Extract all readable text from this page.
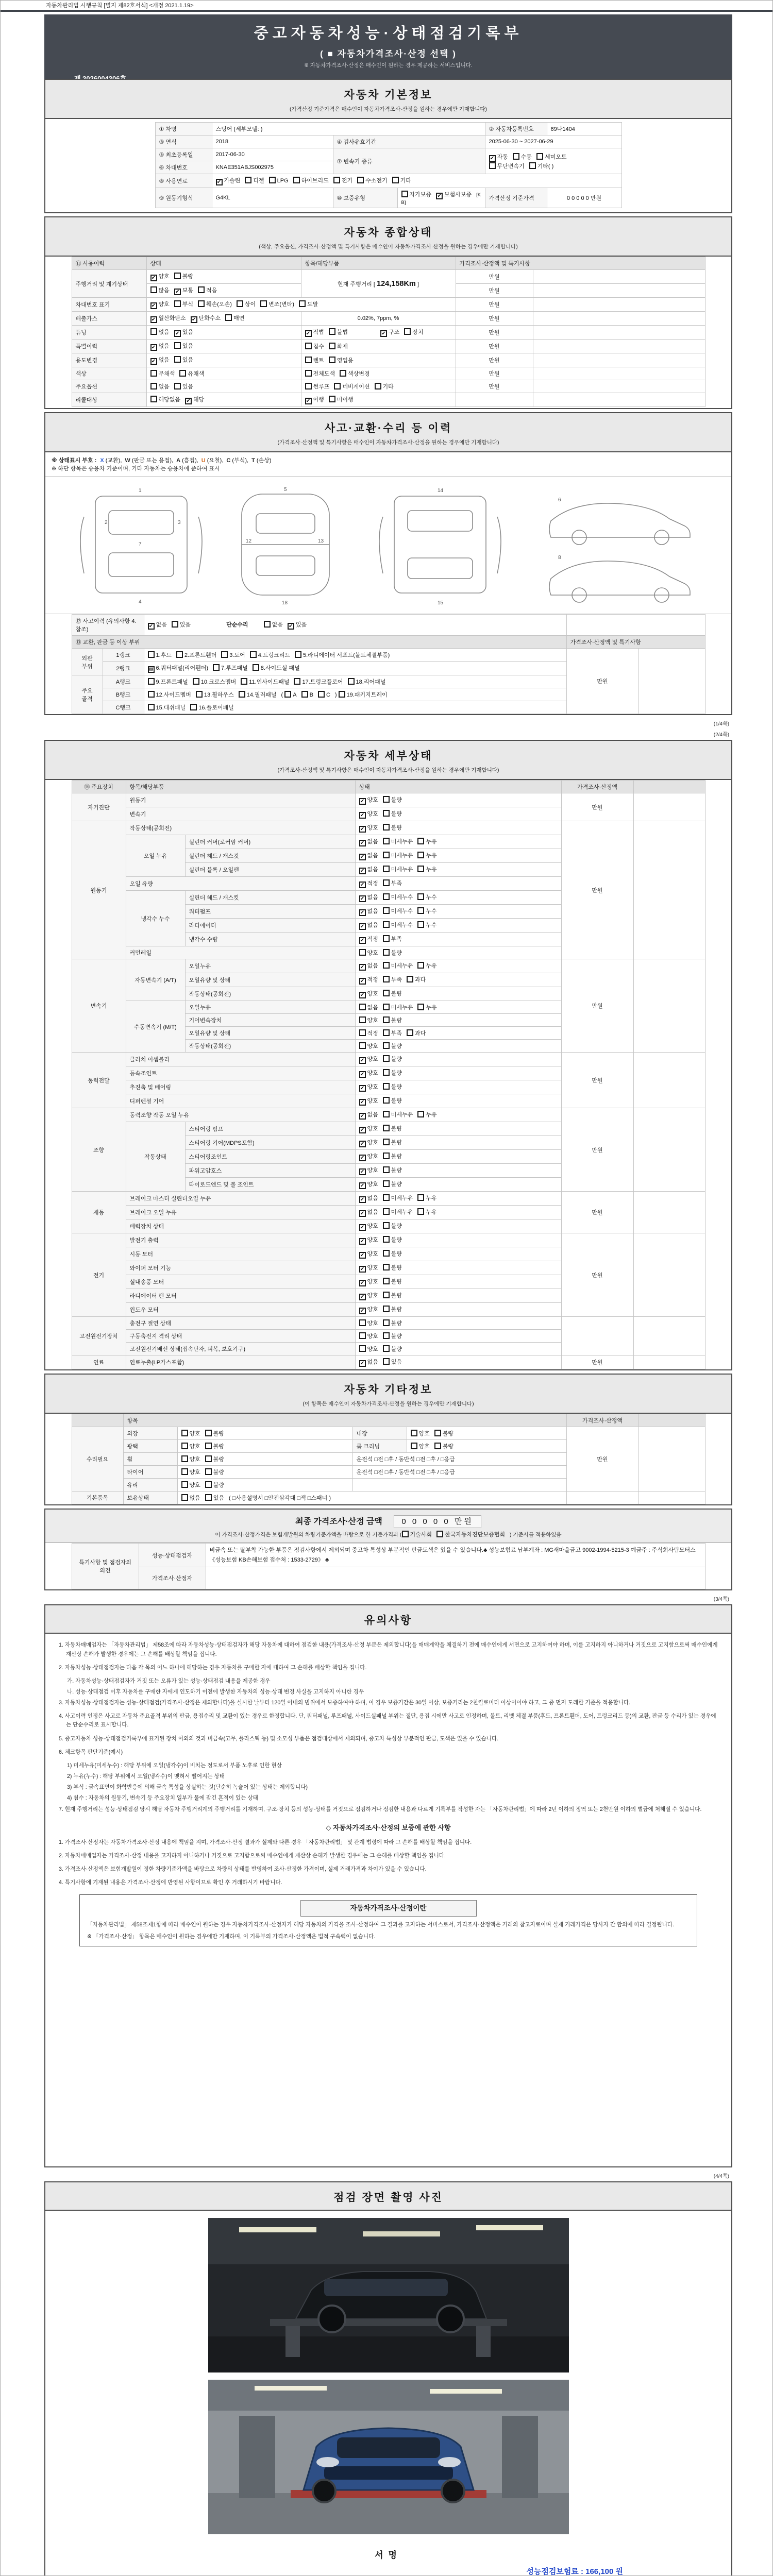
자동차관리법 시행규칙 [별지 제82호서식] <개정 2021.1.19>
중고자동차성능·상태점검기록부
( ■ 자동차가격조사·산정 선택 )
※ 자동차가격조사·산정은 매수인이 원하는 경우 제공하는 서비스입니다.
자동차 기본정보
(가격산정 기준가격은 매수인이 자동차가격조사·산정을 원하는 경우에만 기재합니다)
① 차명	스팅어 (세부모델: )			② 자동차등록번호	69나1404
③ 연식	2018	④ 검사유효기간		2025-06-30 ~ 2027-06-29	
⑤ 최초등록일	2017-06-30	⑦ 변속기 종류		✔ 자동 수동 세미오토
무단변속기 기타( )	
⑥ 차대번호	KNAE351ABJS002975				
⑧ 사용연료	✔ 가솔린 디젤 LPG 하이브리드 전기 수소전기 기타				
⑨ 원동기형식	G4KL	⑩ 보증유형	자가보증 ✔ 보험사보증 [KB]	가격산정 기준가격	0 0 0 0 0 만원
자동차 종합상태
(색상, 주요옵션, 가격조사·산정액 및 특기사항은 매수인이 자동차가격조사·산정을 원하는 경우에만 기재합니다)
⑪ 사용이력	상태	항목/해당부품	가격조사·산정액 및 특기사항	
주행거리 및 계기상태	✔ 양호 불량	현재 주행거리 [ 124,158Km ]	만원	
	많음 ✔ 보통 적음		만원	
차대번호 표기	✔ 양호 부식 훼손(오손) 상이 변조(변타) 도말		만원	
배출가스	✔ 일산화탄소 ✔ 탄화수소 매연	0.02%, 7ppm, %	만원	
튜닝	없음 ✔ 있음	✔ 적법 불법 ✔ 구조 장치	만원	
특별이력	✔ 없음 있음	침수 화재	만원	
용도변경	✔ 없음 있음	렌트 영업용	만원	
색상	무채색 유채색	전체도색 색상변경	만원	
주요옵션	없음 있음	썬루프 네비게이션 기타	만원	
리콜대상	해당없음 ✔ 해당	✔ 이행 미이행		
사고·교환·수리 등 이력
(가격조사·산정액 및 특기사항은 매수인이 자동차가격조사·산정을 원하는 경우에만 기재합니다)
※ 상태표시 부호 : X (교환), W (판금 또는 용접), A (흠집), U (요철), C (부식), T (손상)
※ 하단 항목은 승용차 기준이며, 기타 자동차는 승용차에 준하여 표시
1
2	3
4
7
5
12	13
18
14
15
6
8
⑫ 사고이력 (유의사항 4.참조)		✔ 없음 있음 단순수리 없음 ✔ 있음		
⑬ 교환, 판금 등 이상 부위			가격조사·산정액 및 특기사항	
외판
부위	1랭크	1.후드 2.프론트휀더 3.도어 4.트렁크리드 5.라디에이터 서포트(볼트체결부품)	만원	
	2랭크	W 6.쿼터패널(리어휀더) 7.루프패널 8.사이드실 패널		
주요
골격	A랭크	9.프론트패널 10.크로스멤버 11.인사이드패널 17.트렁크플로어 18.리어패널		
	B랭크	12.사이드멤버 13.휠하우스 14.필러패널 ( A B C ) 19.패키지트레이		
	C랭크	15.대쉬패널 16.플로어패널		
(1/4쪽)
(2/4쪽)
자동차 세부상태
(가격조사·산정액 및 특기사항은 매수인이 자동차가격조사·산정을 원하는 경우에만 기재합니다)
⑭ 주요장치	항목/해당부품		상태	가격조사·산정액	
자기진단	원동기		✔ 양호 불량	만원	
	변속기		✔ 양호 불량		
원동기	작동상태(공회전)		✔ 양호 불량	만원	
	오일 누유	실린더 커버(로커암 커버)	✔ 없음 미세누유 누유		
		실린더 헤드 / 개스킷	✔ 없음 미세누유 누유		
		실린더 블록 / 오일팬	✔ 없음 미세누유 누유		
	오일 유량		✔ 적정 부족		
	냉각수 누수	실린더 헤드 / 개스킷	✔ 없음 미세누수 누수		
		워터펌프	✔ 없음 미세누수 누수		
		라디에이터	✔ 없음 미세누수 누수		
		냉각수 수량	✔ 적정 부족		
	커먼레일		양호 불량		
변속기	자동변속기 (A/T)	오일누유	✔ 없음 미세누유 누유	만원	
		오일유량 및 상태	✔ 적정 부족 과다		
		작동상태(공회전)	✔ 양호 불량		
	수동변속기 (M/T)	오일누유	없음 미세누유 누유		
		기어변속장치	양호 불량		
		오일유량 및 상태	적정 부족 과다		
		작동상태(공회전)	양호 불량		
동력전달	클러치 어셈블리		✔ 양호 불량	만원	
	등속조인트		✔ 양호 불량		
	추진축 및 베어링		✔ 양호 불량		
	디퍼렌셜 기어		✔ 양호 불량		
조향	동력조향 작동 오일 누유		✔ 없음 미세누유 누유	만원	
	작동상태	스티어링 펌프	✔ 양호 불량		
		스티어링 기어(MDPS포함)	✔ 양호 불량		
		스티어링조인트	✔ 양호 불량		
		파워고압호스	✔ 양호 불량		
		타이로드엔드 및 볼 조인트	✔ 양호 불량		
제동	브레이크 마스터 실린더오일 누유		✔ 없음 미세누유 누유	만원	
	브레이크 오일 누유		✔ 없음 미세누유 누유		
	배력장치 상태		✔ 양호 불량		
전기	발전기 출력		✔ 양호 불량	만원	
	시동 모터		✔ 양호 불량		
	와이퍼 모터 기능		✔ 양호 불량		
	실내송풍 모터		✔ 양호 불량		
	라디에이터 팬 모터		✔ 양호 불량		
	윈도우 모터		✔ 양호 불량		
고전원전기장치	충전구 절연 상태		양호 불량		
	구동축전지 격리 상태		양호 불량		
	고전원전기배선 상태(접속단자, 피복, 보호기구)		양호 불량		
연료	연료누출(LP가스포함)		✔ 없음 있음	만원	
자동차 기타정보
(이 항목은 매수인이 자동차가격조사·산정을 원하는 경우에만 기재합니다)
	항목				가격조사·산정액	
수리필요	외장	양호 불량	내장	양호 불량	만원	
	광택	양호 불량	룸 크리닝	양호 불량		
	휠	양호 불량	운전석 □전 □후 / 동반석 □전 □후 / □응급			
	타이어	양호 불량	운전석 □전 □후 / 동반석 □전 □후 / □응급			
	유리	양호 불량				
기본품목	보유상태	없음 있음 ( □사용설명서 □안전삼각대 □잭 □스패너 )				
최종 가격조사·산정 금액 0 0 0 0 0 만원
이 가격조사·산정가격은 보험개발원의 차량기준가액을 바탕으로 한 기준가격과 ( 기술사회 한국자동차진단보증협회 ) 기준서를 적용하였음
특기사항 및 점검자의 의견	성능·상태점검자	비금속 또는 탈부착 가능한 부품은 점검사항에서 제외되며 중고차 특성상 부분적인 판금도색은 있을 수 있습니다.♣ 성능보험료 납부계좌 : MG새마을금고 9002-1994-5215-3 예금주 : 주식회사팀모터스 《성능보험 KB손해보험 접수처 : 1533-2729》 ♣
	가격조사·산정자	
(3/4쪽)
유의사항
1. 자동차매매업자는 「자동차관리법」 제58조에 따라 자동차성능·상태점검자가 해당 자동차에 대하여 점검한 내용(가격조사·산정 부분은 제외합니다)을 매매계약을 체결하기 전에 매수인에게 서면으로 고지하여야 하며, 이를 고지하지 아니하거나 거짓으로 고지함으로써 매수인에게 재산상 손해가 발생한 경우에는 그 손해를 배상할 책임을 집니다.
2. 자동차성능·상태점검자는 다음 각 목의 어느 하나에 해당하는 경우 자동차를 구매한 자에 대하여 그 손해를 배상할 책임을 집니다.
가. 자동차성능·상태점검자가 거짓 또는 오류가 있는 성능·상태점검 내용을 제공한 경우
나. 성능·상태점검 이후 자동차를 구매한 자에게 인도하기 이전에 발생한 자동차의 성능·상태 변경 사실을 고지하지 아니한 경우
3. 자동차성능·상태점검자는 성능·상태점검(가격조사·산정은 제외합니다)을 실시한 날부터 120일 이내의 범위에서 보증하여야 하며, 이 경우 보증기간은 30일 이상, 보증거리는 2천킬로미터 이상이어야 하고, 그 중 먼저 도래한 기준을 적용합니다.
4. 사고이력 인정은 사고로 자동차 주요골격 부위의 판금, 용접수리 및 교환이 있는 경우로 한정합니다. 단, 쿼터패널, 루프패널, 사이드실패널 부위는 절단, 용접 시에만 사고로 인정하며, 볼트, 리벳 체결 부품(후드, 프론트휀더, 도어, 트렁크리드 등)의 교환, 판금 등 수리가 있는 경우에는 단순수리로 표시합니다.
5. 중고자동차 성능·상태점검기록부에 표기된 장치 이외의 것과 비금속(고무, 플라스틱 등) 및 소모성 부품은 점검대상에서 제외되며, 중고차 특성상 부분적인 판금, 도색은 있을 수 있습니다.
6. 체크항목 판단기준(예시)
1) 미세누유(미세누수) : 해당 부위에 오일(냉각수)이 비치는 정도로서 부품 노후로 인한 현상
2) 누유(누수) : 해당 부위에서 오일(냉각수)이 맺혀서 떨어지는 상태
3) 부식 : 금속표면이 화학반응에 의해 금속 특성을 상실하는 것(단순히 녹슬어 있는 상태는 제외합니다)
4) 침수 : 자동차의 원동기, 변속기 등 주요장치 일부가 물에 잠긴 흔적이 있는 상태
7. 현재 주행거리는 성능·상태점검 당시 해당 자동차 주행거리계의 주행거리를 기재하며, 구조·장치 등의 성능·상태를 거짓으로 점검하거나 점검한 내용과 다르게 기록부를 작성한 자는 「자동차관리법」에 따라 2년 이하의 징역 또는 2천만원 이하의 벌금에 처해질 수 있습니다.
◇ 자동차가격조사·산정의 보증에 관한 사항
1. 가격조사·산정자는 자동차가격조사·산정 내용에 책임을 지며, 가격조사·산정 결과가 실제와 다른 경우 「자동차관리법」 및 관계 법령에 따라 그 손해를 배상할 책임을 집니다.
2. 자동차매매업자는 가격조사·산정 내용을 고지하지 아니하거나 거짓으로 고지함으로써 매수인에게 재산상 손해가 발생한 경우에는 그 손해를 배상할 책임을 집니다.
3. 가격조사·산정액은 보험개발원이 정한 차량기준가액을 바탕으로 차량의 상태를 반영하여 조사·산정한 가격이며, 실제 거래가격과 차이가 있을 수 있습니다.
4. 특기사항에 기재된 내용은 가격조사·산정에 반영된 사항이므로 확인 후 거래하시기 바랍니다.
자동차가격조사·산정이란
「자동차관리법」 제58조제1항에 따라 매수인이 원하는 경우 자동차가격조사·산정자가 해당 자동차의 가격을 조사·산정하여 그 결과를 고지하는 서비스로서, 가격조사·산정액은 거래의 참고자료이며 실제 거래가격은 당사자 간 합의에 따라 결정됩니다.
※ 「가격조사·산정」 항목은 매수인이 원하는 경우에만 기재하며, 이 기록부의 가격조사·산정액은 법적 구속력이 없습니다.
(4/4쪽)
점검 장면 촬영 사진
서명
성능점검보험료 : 166,100 원
